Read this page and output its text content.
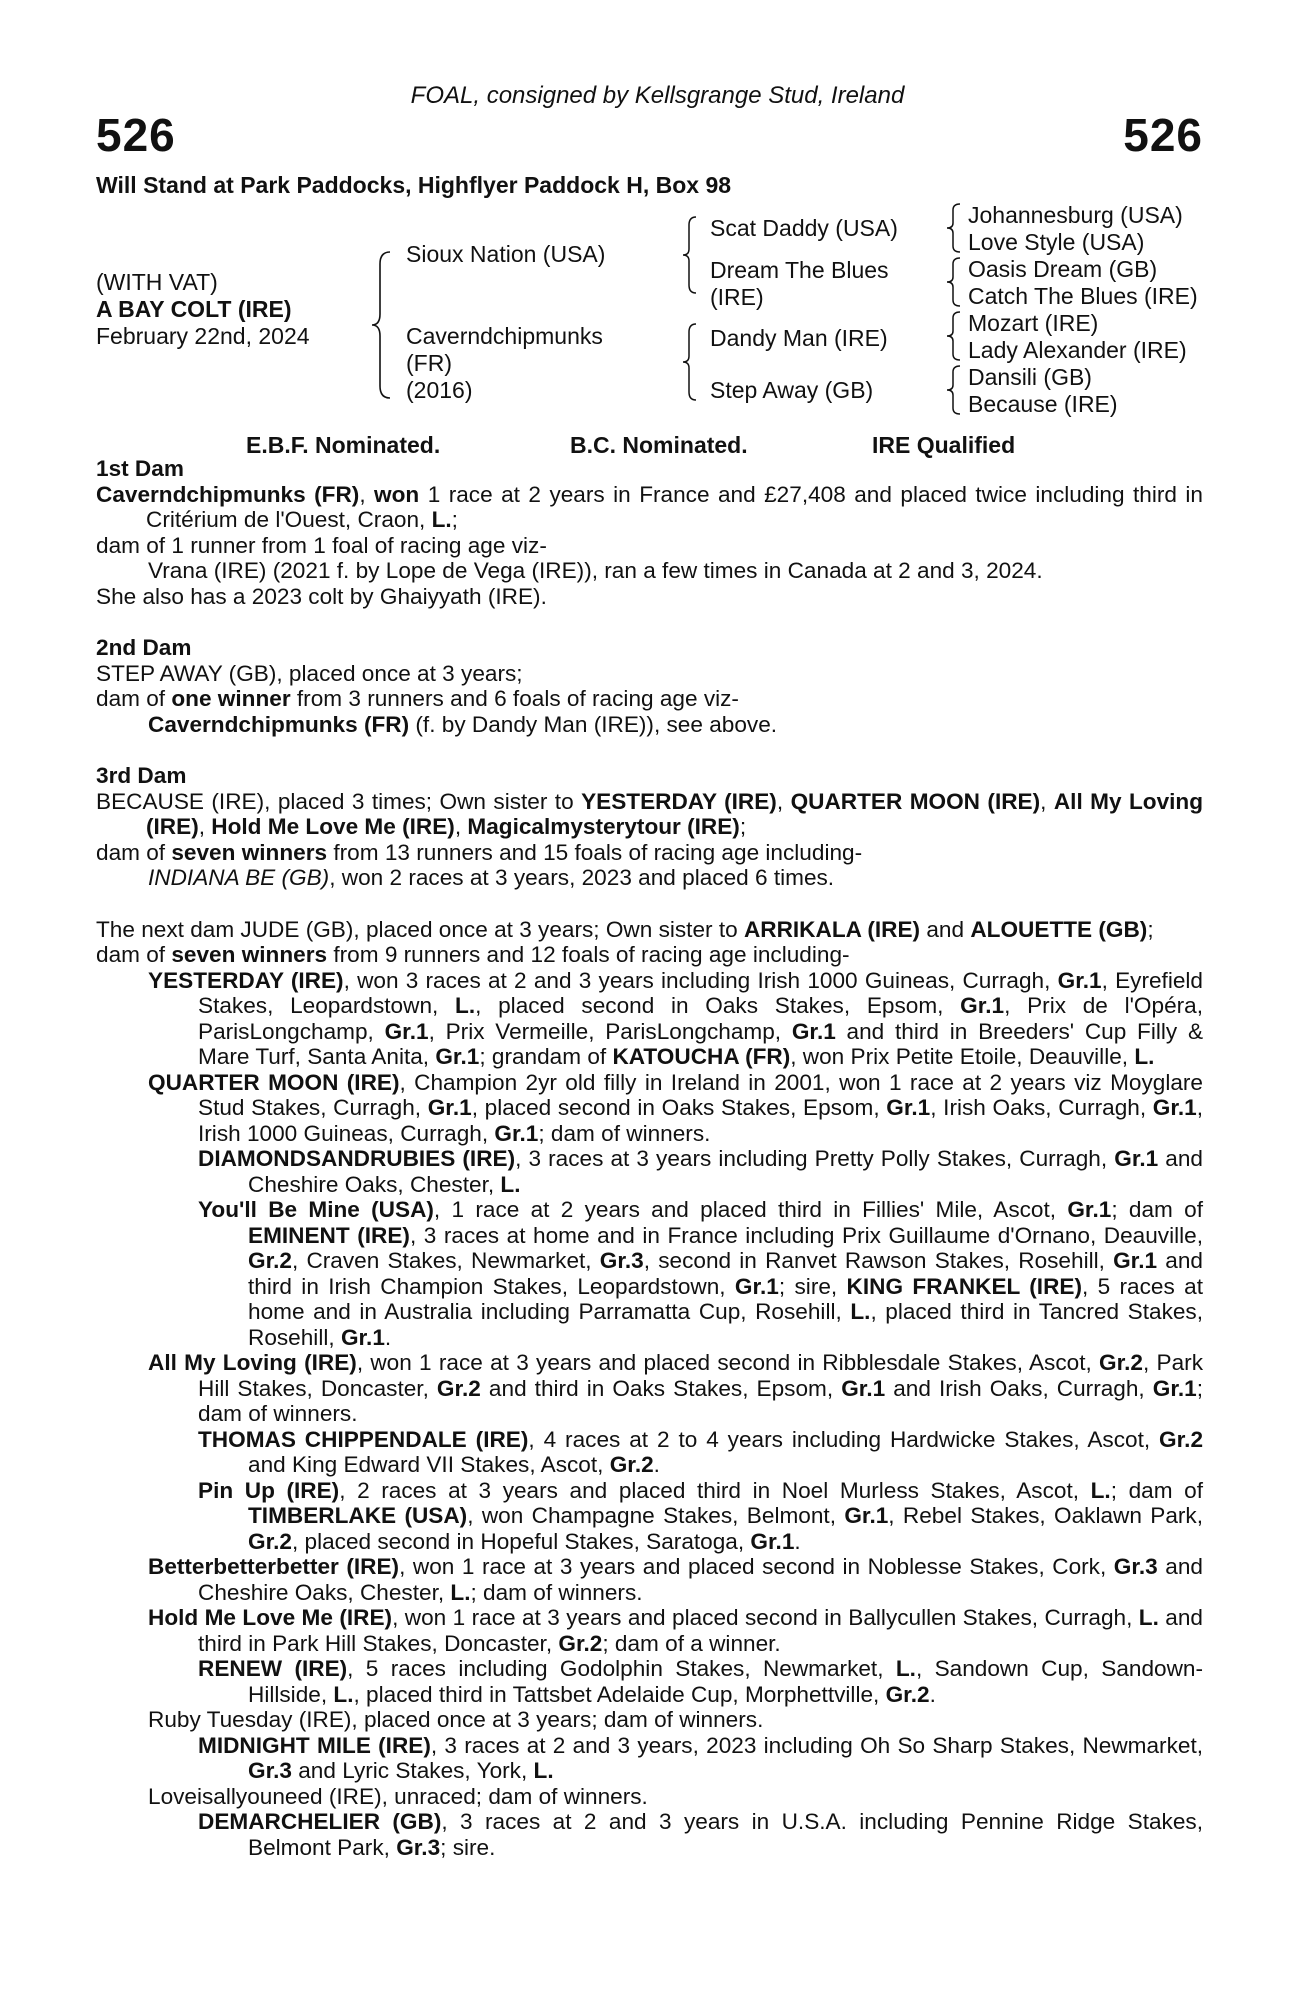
FOAL, consigned by Kellsgrange Stud, Ireland
526	526
Will Stand at Park Paddocks, Highflyer Paddock H, Box 98
(WITH VAT)
A BAY COLT (IRE)
February 22nd, 2024
Sioux Nation (USA)
Caverndchipmunks
(FR)
(2016)
Scat Daddy (USA)
Dream The Blues
(IRE)
Dandy Man (IRE)
Step Away (GB)
Johannesburg (USA)
Love Style (USA)
Oasis Dream (GB)
Catch The Blues (IRE)
Mozart (IRE)
Lady Alexander (IRE)
Dansili (GB)
Because (IRE)
E.B.F. Nominated.	B.C. Nominated.	IRE Qualified

1st Dam

Caverndchipmunks (FR), won 1 race at 2 years in France and £27,408 and placed twice including third in Critérium de l'Ouest, Craon, L.;

dam of 1 runner from 1 foal of racing age viz-

Vrana (IRE) (2021 f. by Lope de Vega (IRE)), ran a few times in Canada at 2 and 3, 2024.

She also has a 2023 colt by Ghaiyyath (IRE).

2nd Dam

STEP AWAY (GB), placed once at 3 years;

dam of one winner from 3 runners and 6 foals of racing age viz-

Caverndchipmunks (FR) (f. by Dandy Man (IRE)), see above.

3rd Dam

BECAUSE (IRE), placed 3 times; Own sister to YESTERDAY (IRE), QUARTER MOON (IRE), All My Loving (IRE), Hold Me Love Me (IRE), Magicalmysterytour (IRE);

dam of seven winners from 13 runners and 15 foals of racing age including-

INDIANA BE (GB), won 2 races at 3 years, 2023 and placed 6 times.

The next dam JUDE (GB), placed once at 3 years; Own sister to ARRIKALA (IRE) and ALOUETTE (GB);

dam of seven winners from 9 runners and 12 foals of racing age including-

YESTERDAY (IRE), won 3 races at 2 and 3 years including Irish 1000 Guineas, Curragh, Gr.1, Eyrefield Stakes, Leopardstown, L., placed second in Oaks Stakes, Epsom, Gr.1, Prix de l'Opéra, ParisLongchamp, Gr.1, Prix Vermeille, ParisLongchamp, Gr.1 and third in Breeders' Cup Filly & Mare Turf, Santa Anita, Gr.1; grandam of KATOUCHA (FR), won Prix Petite Etoile, Deauville, L.

QUARTER MOON (IRE), Champion 2yr old filly in Ireland in 2001, won 1 race at 2 years viz Moyglare Stud Stakes, Curragh, Gr.1, placed second in Oaks Stakes, Epsom, Gr.1, Irish Oaks, Curragh, Gr.1, Irish 1000 Guineas, Curragh, Gr.1; dam of winners.

DIAMONDSANDRUBIES (IRE), 3 races at 3 years including Pretty Polly Stakes, Curragh, Gr.1 and Cheshire Oaks, Chester, L.

You'll Be Mine (USA), 1 race at 2 years and placed third in Fillies' Mile, Ascot, Gr.1; dam of EMINENT (IRE), 3 races at home and in France including Prix Guillaume d'Ornano, Deauville, Gr.2, Craven Stakes, Newmarket, Gr.3, second in Ranvet Rawson Stakes, Rosehill, Gr.1 and third in Irish Champion Stakes, Leopardstown, Gr.1; sire, KING FRANKEL (IRE), 5 races at home and in Australia including Parramatta Cup, Rosehill, L., placed third in Tancred Stakes, Rosehill, Gr.1.

All My Loving (IRE), won 1 race at 3 years and placed second in Ribblesdale Stakes, Ascot, Gr.2, Park Hill Stakes, Doncaster, Gr.2 and third in Oaks Stakes, Epsom, Gr.1 and Irish Oaks, Curragh, Gr.1; dam of winners.

THOMAS CHIPPENDALE (IRE), 4 races at 2 to 4 years including Hardwicke Stakes, Ascot, Gr.2 and King Edward VII Stakes, Ascot, Gr.2.

Pin Up (IRE), 2 races at 3 years and placed third in Noel Murless Stakes, Ascot, L.; dam of TIMBERLAKE (USA), won Champagne Stakes, Belmont, Gr.1, Rebel Stakes, Oaklawn Park, Gr.2, placed second in Hopeful Stakes, Saratoga, Gr.1.

Betterbetterbetter (IRE), won 1 race at 3 years and placed second in Noblesse Stakes, Cork, Gr.3 and Cheshire Oaks, Chester, L.; dam of winners.

Hold Me Love Me (IRE), won 1 race at 3 years and placed second in Ballycullen Stakes, Curragh, L. and third in Park Hill Stakes, Doncaster, Gr.2; dam of a winner.

RENEW (IRE), 5 races including Godolphin Stakes, Newmarket, L., Sandown Cup, Sandown-Hillside, L., placed third in Tattsbet Adelaide Cup, Morphettville, Gr.2.

Ruby Tuesday (IRE), placed once at 3 years; dam of winners.

MIDNIGHT MILE (IRE), 3 races at 2 and 3 years, 2023 including Oh So Sharp Stakes, Newmarket, Gr.3 and Lyric Stakes, York, L.

Loveisallyouneed (IRE), unraced; dam of winners.

DEMARCHELIER (GB), 3 races at 2 and 3 years in U.S.A. including Pennine Ridge Stakes, Belmont Park, Gr.3; sire.
